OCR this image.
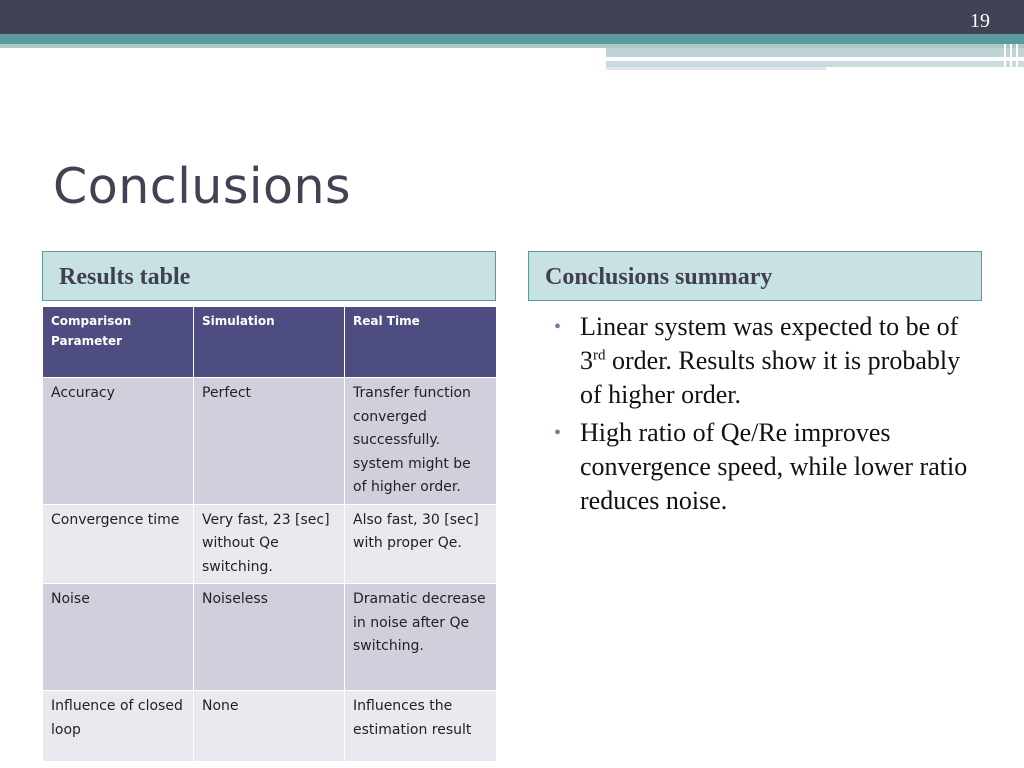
19
Conclusions
Results table	Conclusions summary
Comparison Parameter	Simulation	Real Time
Accuracy	Perfect	Transfer function converged successfully. system might be of higher order.
Convergence time	Very fast, 23 [sec] without Qe switching.	Also fast, 30 [sec] with proper Qe.
Noise	Noiseless	Dramatic decrease in noise after Qe switching.
Influence of closed loop	None	Influences the estimation result
• Linear system was expected to be of 3rd order. Results show it is probably of higher order.
• High ratio of Qe/Re improves convergence speed, while lower ratio reduces noise.
